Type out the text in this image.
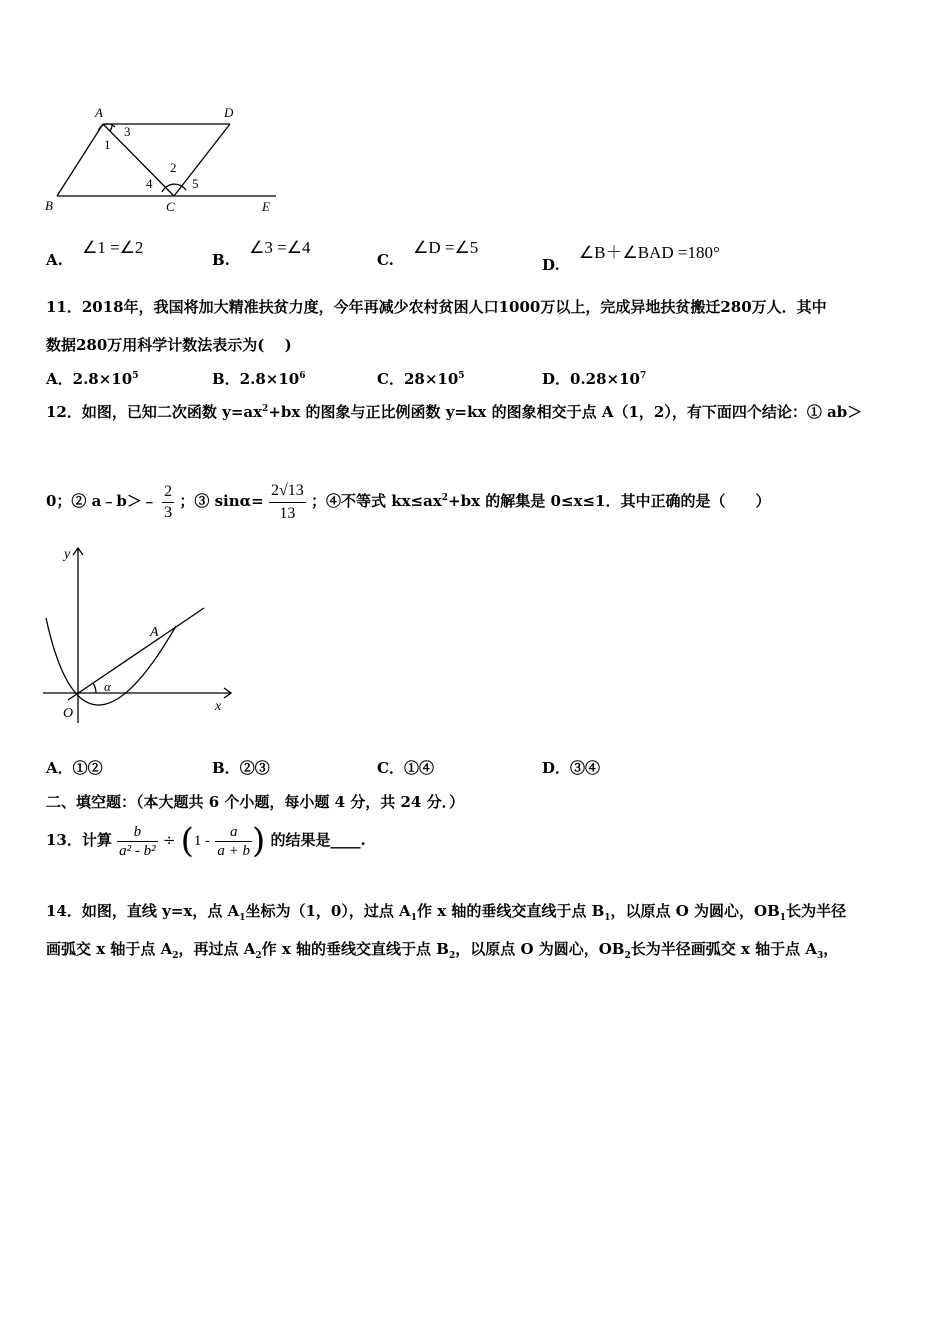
A	D
B	C	E
1
2
3
4	5
A. ∠1 =∠2
B. ∠3 =∠4
C. ∠D =∠5
D. ∠B＋∠BAD =180°
11．2018年，我国将加大精准扶贫力度，今年再减少农村贫困人口1000万以上，完成异地扶贫搬迁280万人．其中
数据280万用科学计数法表示为(　 )
A．$2.8\times 10^5$	B．$2.8\times 10^6$	C．$28\times 10^5$	D．$0.28\times 10^7$
12．如图，已知二次函数 $y=ax^2+bx$ 的图象与正比例函数 y=kx 的图象相交于点 A（1，2），有下面四个结论：① ab＞
0；② a﹣b＞﹣ $\frac{2}{3}$ ；③ $\sin\alpha= \frac{2√13}{13}$ ；④不等式 $kx\le ax^2+bx$ 的解集是 0≤x≤1．其中正确的是（　　）
y
x
O
A
α
A．①②	B．②③	C．①④	D．③④
二、填空题：（本大题共 6 个小题，每小题 4 分，共 24 分．）
13．计算 $\frac{b}{\text{a² - b²}} \div (1 - \frac{a}{a + b}$ ) 的结果是____.
14．如图，直线 y=x，点 $A_1$坐标为（1，0），过点 $A_1$作 x 轴的垂线交直线于点 $B_1$，以原点 O 为圆心，$OB_1$长为半径
画弧交 x 轴于点 $A_2$，再过点 $A_2$作 x 轴的垂线交直线于点 $B_2$，以原点 O 为圆心，$OB_2$长为半径画弧交 x 轴于点 $A_3$，
